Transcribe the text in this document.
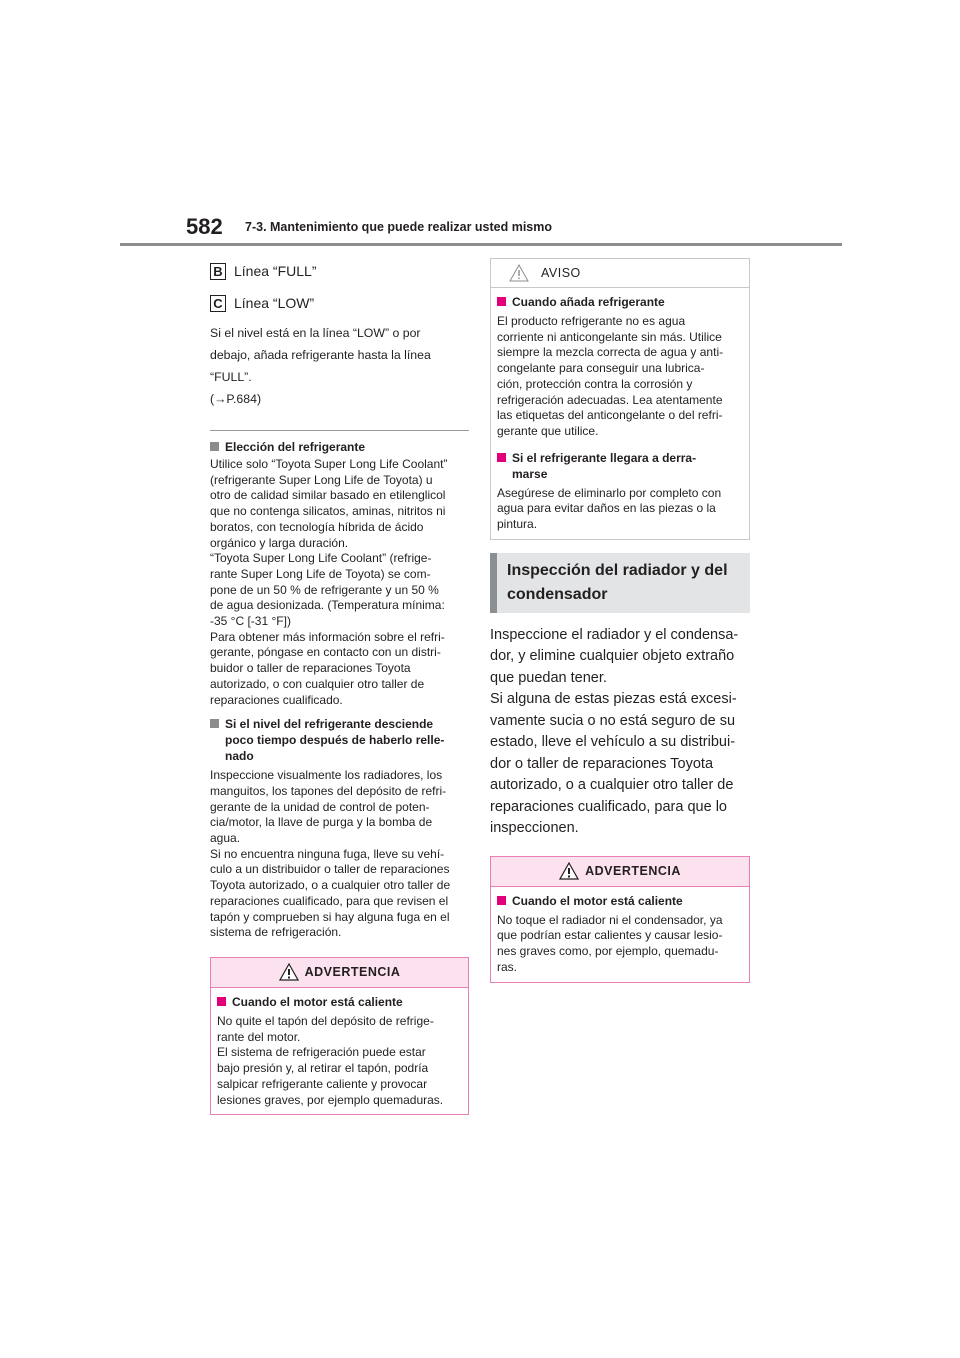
582 7-3. Mantenimiento que puede realizar usted mismo
B Línea “FULL”
C Línea “LOW”
Si el nivel está en la línea “LOW” o por
debajo, añada refrigerante hasta la línea
“FULL”.
(→P.684)
Elección del refrigerante
Utilice solo “Toyota Super Long Life Coolant”
(refrigerante Super Long Life de Toyota) u
otro de calidad similar basado en etilenglicol
que no contenga silicatos, aminas, nitritos ni
boratos, con tecnología híbrida de ácido
orgánico y larga duración.
“Toyota Super Long Life Coolant” (refrige-
rante Super Long Life de Toyota) se com-
pone de un 50 % de refrigerante y un 50 %
de agua desionizada. (Temperatura mínima:
-35 °C [-31 °F])
Para obtener más información sobre el refri-
gerante, póngase en contacto con un distri-
buidor o taller de reparaciones Toyota
autorizado, o con cualquier otro taller de
reparaciones cualificado.
Si el nivel del refrigerante desciende
poco tiempo después de haberlo relle-
nado
Inspeccione visualmente los radiadores, los
manguitos, los tapones del depósito de refri-
gerante de la unidad de control de poten-
cia/motor, la llave de purga y la bomba de
agua.
Si no encuentra ninguna fuga, lleve su vehí-
culo a un distribuidor o taller de reparaciones
Toyota autorizado, o a cualquier otro taller de
reparaciones cualificado, para que revisen el
tapón y comprueben si hay alguna fuga en el
sistema de refrigeración.
ADVERTENCIA
Cuando el motor está caliente
No quite el tapón del depósito de refrige-
rante del motor.
El sistema de refrigeración puede estar
bajo presión y, al retirar el tapón, podría
salpicar refrigerante caliente y provocar
lesiones graves, por ejemplo quemaduras.
AVISO
Cuando añada refrigerante
El producto refrigerante no es agua
corriente ni anticongelante sin más. Utilice
siempre la mezcla correcta de agua y anti-
congelante para conseguir una lubrica-
ción, protección contra la corrosión y
refrigeración adecuadas. Lea atentamente
las etiquetas del anticongelante o del refri-
gerante que utilice.
Si el refrigerante llegara a derra-
marse
Asegúrese de eliminarlo por completo con
agua para evitar daños en las piezas o la
pintura.
Inspección del radiador y del
condensador
Inspeccione el radiador y el condensa-
dor, y elimine cualquier objeto extraño
que puedan tener.
Si alguna de estas piezas está excesi-
vamente sucia o no está seguro de su
estado, lleve el vehículo a su distribui-
dor o taller de reparaciones Toyota
autorizado, o a cualquier otro taller de
reparaciones cualificado, para que lo
inspeccionen.
ADVERTENCIA
Cuando el motor está caliente
No toque el radiador ni el condensador, ya
que podrían estar calientes y causar lesio-
nes graves como, por ejemplo, quemadu-
ras.
